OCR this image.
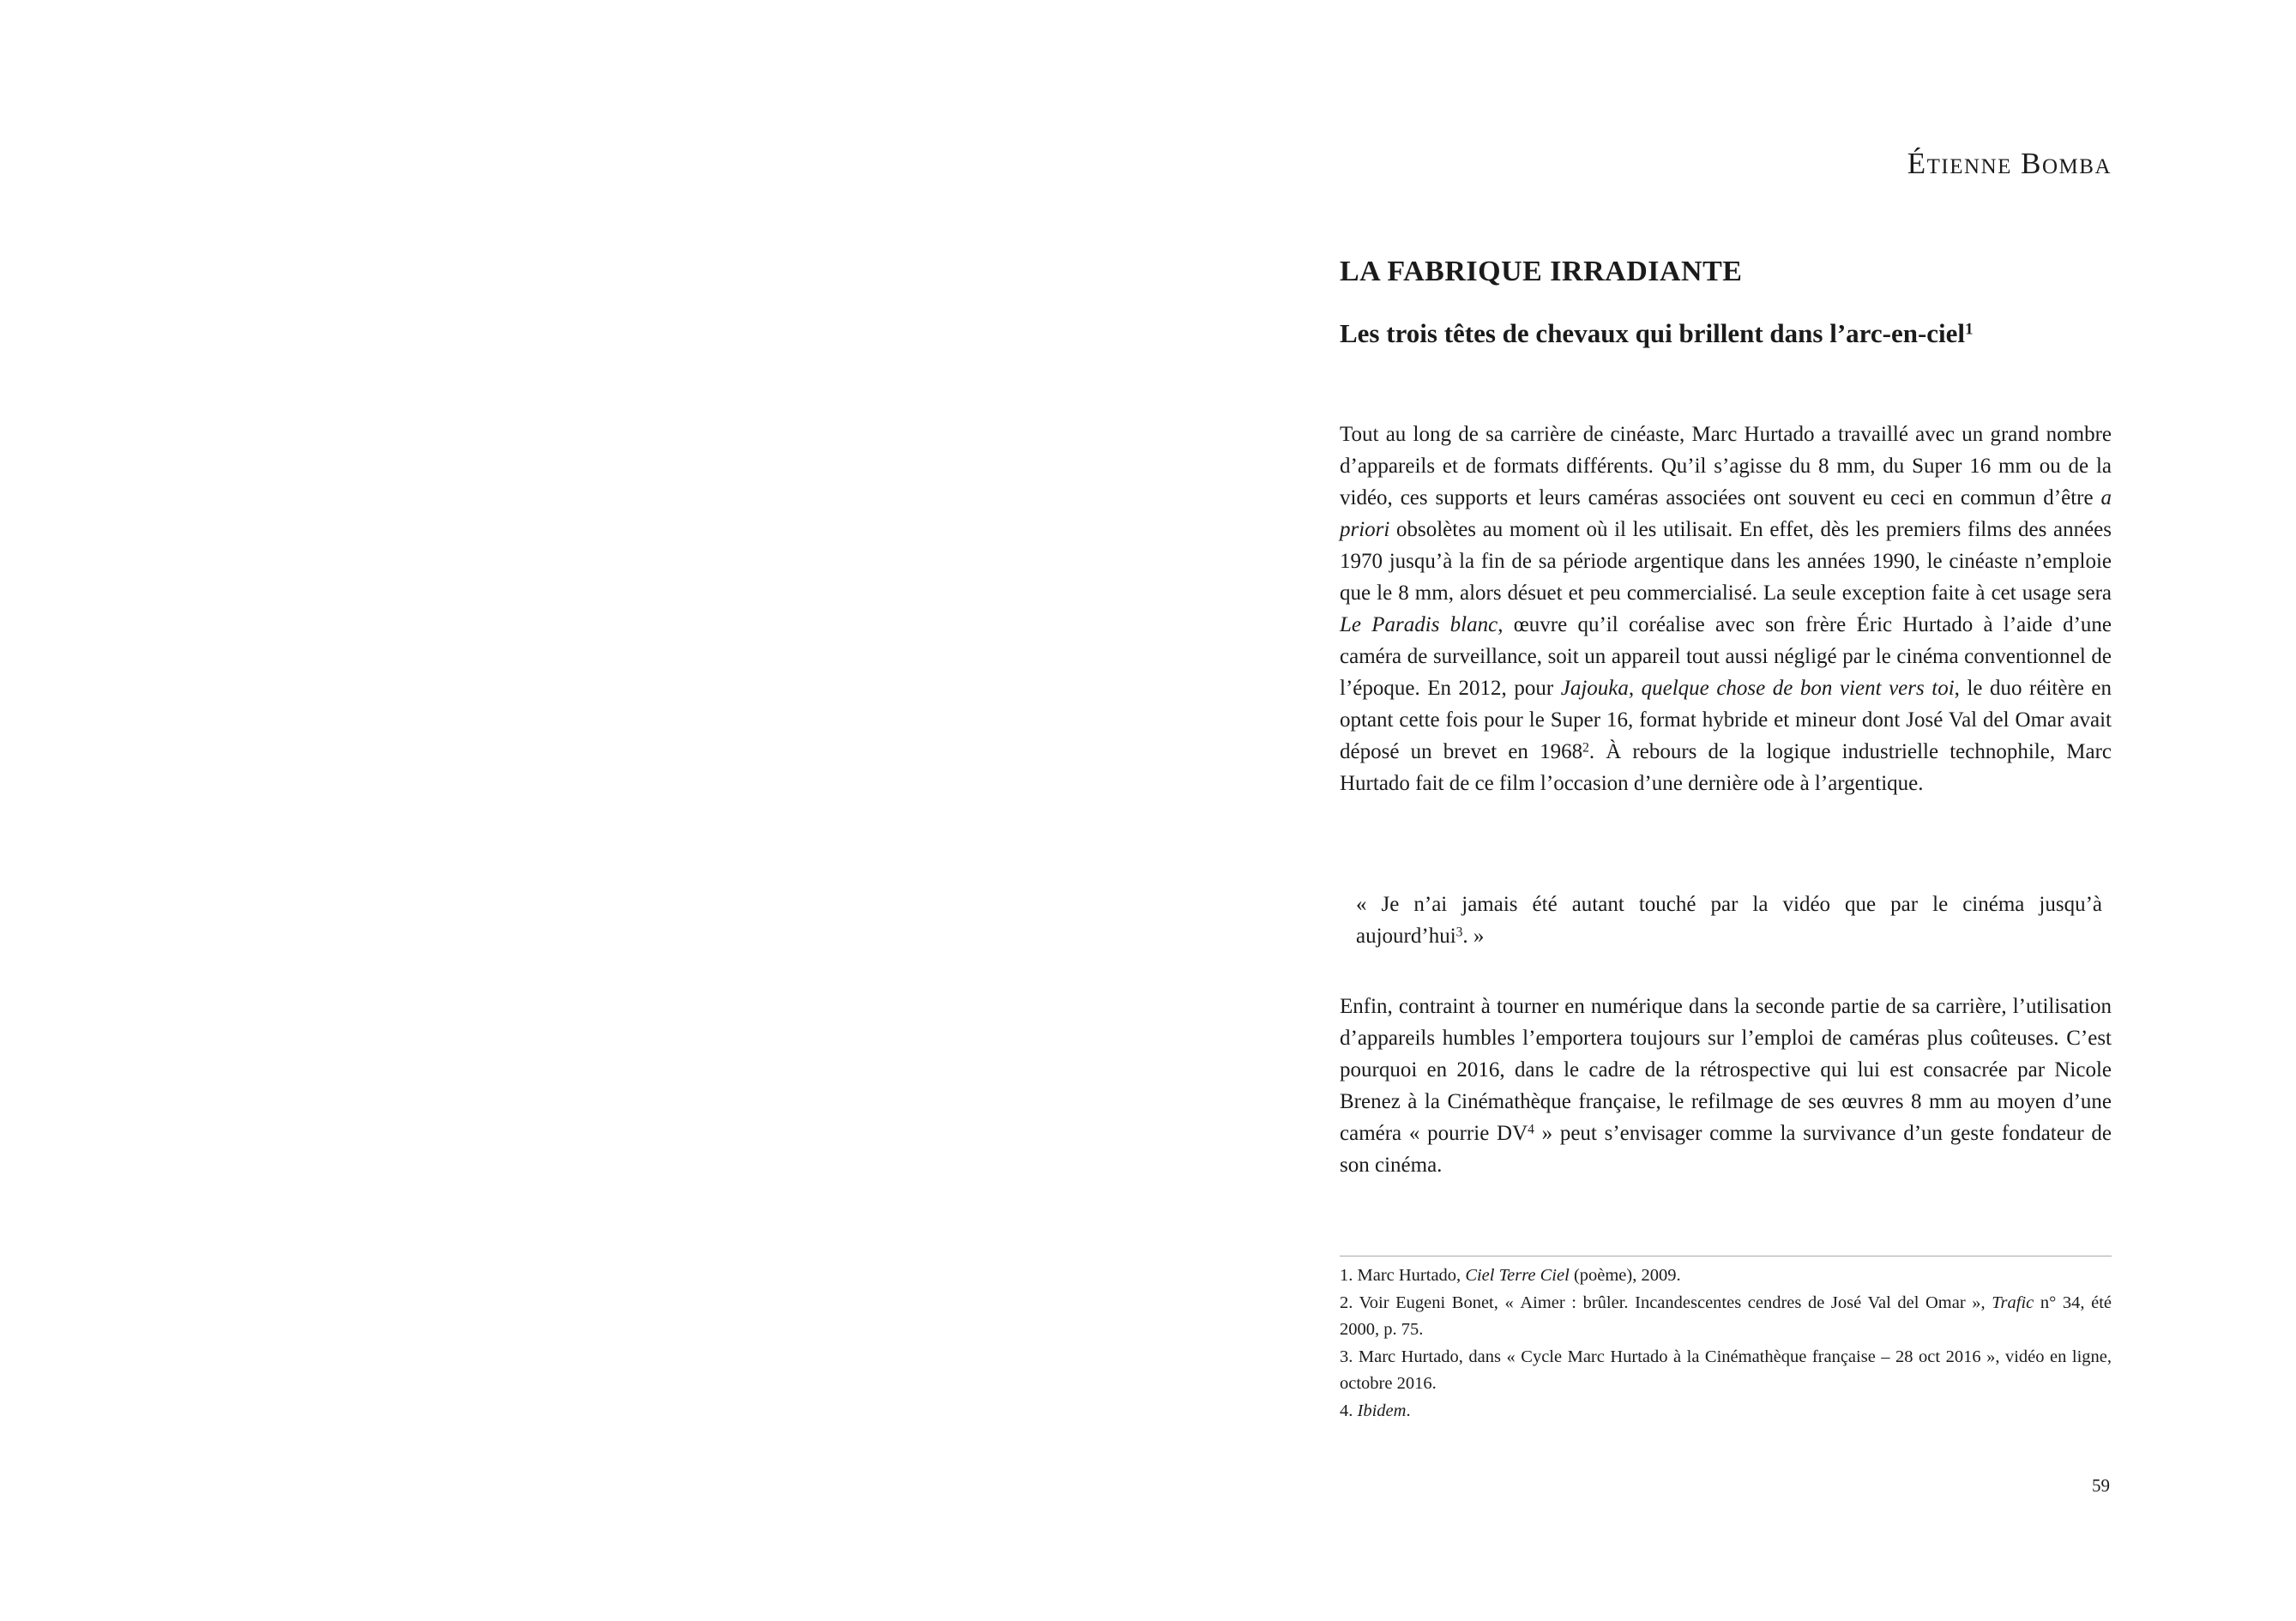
Étienne Bomba
LA FABRIQUE IRRADIANTE
Les trois têtes de chevaux qui brillent dans l’arc-en-ciel$^1$
Tout au long de sa carrière de cinéaste, Marc Hurtado a travaillé avec un grand nombre d’appareils et de formats différents. Qu’il s’agisse du 8 mm, du Super 16 mm ou de la vidéo, ces supports et leurs caméras associées ont souvent eu ceci en commun d’être a priori obsolètes au moment où il les utilisait. En effet, dès les premiers films des années 1970 jusqu’à la fin de sa période argentique dans les années 1990, le cinéaste n’emploie que le 8 mm, alors désuet et peu commercialisé. La seule exception faite à cet usage sera Le Paradis blanc, œuvre qu’il coréalise avec son frère Éric Hurtado à l’aide d’une caméra de surveillance, soit un appareil tout aussi négligé par le cinéma conventionnel de l’époque. En 2012, pour Jajouka, quelque chose de bon vient vers toi, le duo réitère en optant cette fois pour le Super 16, format hybride et mineur dont José Val del Omar avait déposé un brevet en 1968$^2$. À rebours de la logique industrielle technophile, Marc Hurtado fait de ce film l’occasion d’une dernière ode à l’argentique.
« Je n’ai jamais été autant touché par la vidéo que par le cinéma jusqu’à aujourd’hui$^3$. »
Enfin, contraint à tourner en numérique dans la seconde partie de sa carrière, l’utilisation d’appareils humbles l’emportera toujours sur l’emploi de caméras plus coûteuses. C’est pourquoi en 2016, dans le cadre de la rétrospective qui lui est consacrée par Nicole Brenez à la Cinémathèque française, le refilmage de ses œuvres 8 mm au moyen d’une caméra « pourrie $DV^4$ » peut s’envisager comme la survivance d’un geste fondateur de son cinéma.
1. Marc Hurtado, Ciel Terre Ciel (poème), 2009.
2. Voir Eugeni Bonet, « Aimer : brûler. Incandescentes cendres de José Val del Omar », Trafic n° 34, été 2000, p. 75.
3. Marc Hurtado, dans « Cycle Marc Hurtado à la Cinémathèque française – 28 oct 2016 », vidéo en ligne, octobre 2016.
4. Ibidem.
59
